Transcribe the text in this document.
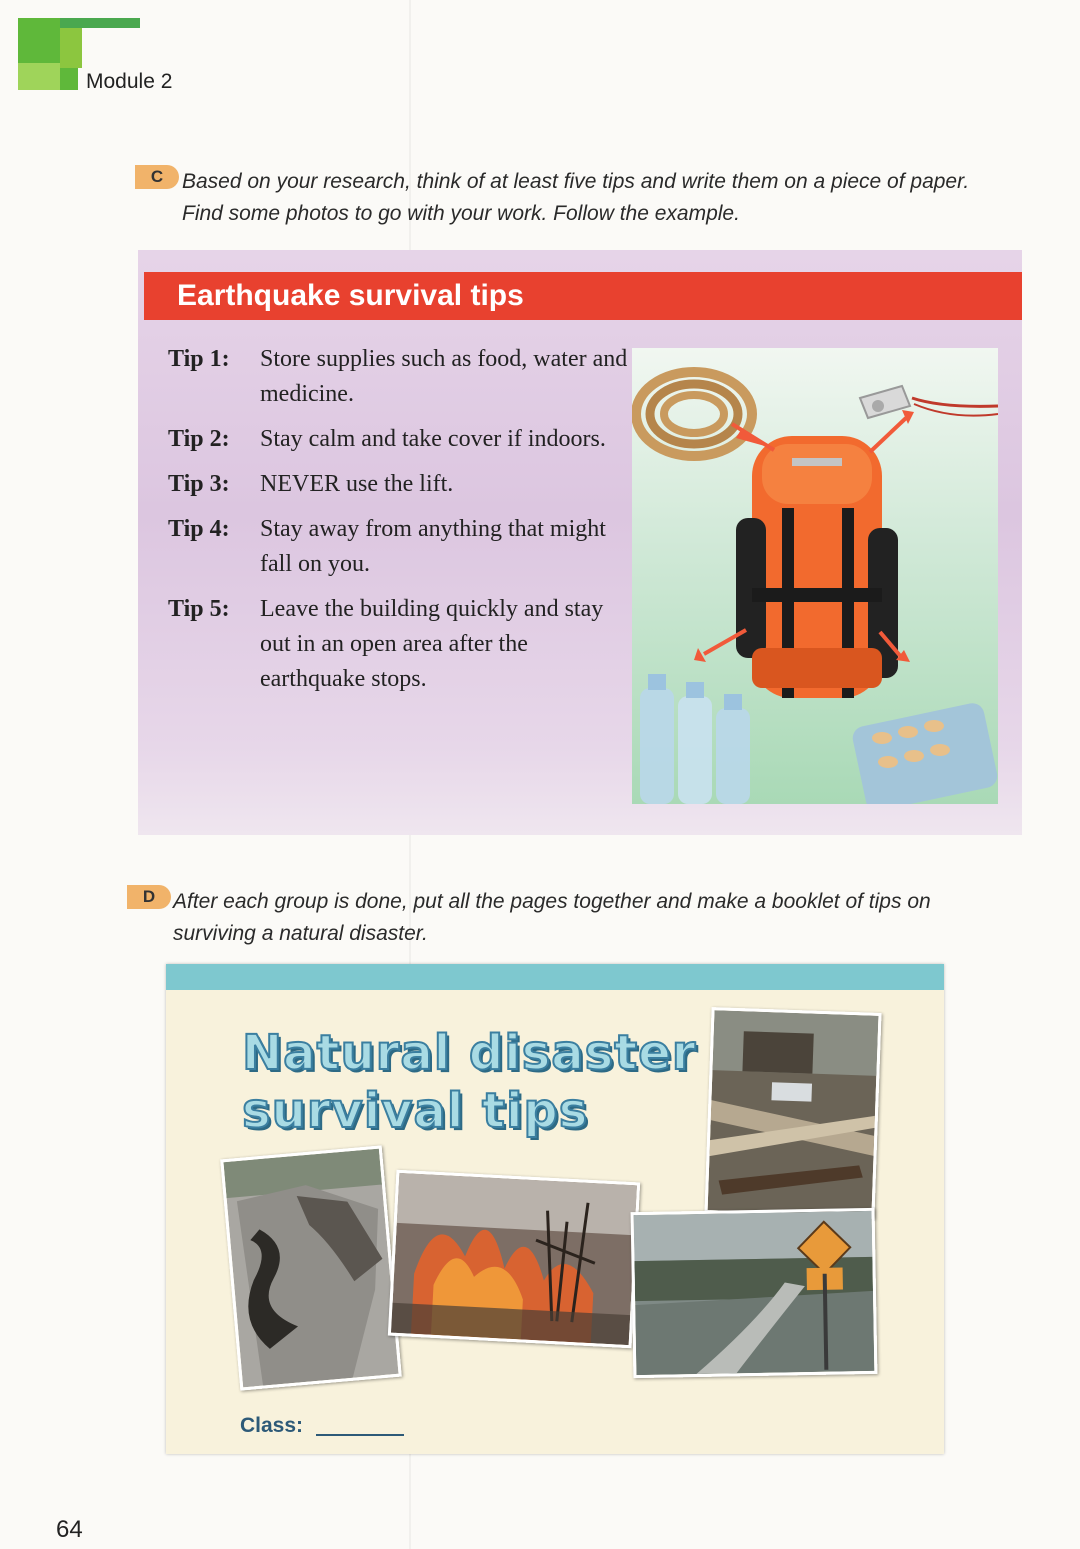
Module 2
C Based on your research, think of at least five tips and write them on a piece of paper. Find some photos to go with your work. Follow the example.
Earthquake survival tips
Tip 1:	Store supplies such as food, water and medicine.
Tip 2:	Stay calm and take cover if indoors.
Tip 3:	NEVER use the lift.
Tip 4:	Stay away from anything that might fall on you.
Tip 5:	Leave the building quickly and stay out in an open area after the earthquake stops.
D After each group is done, put all the pages together and make a booklet of tips on surviving a natural disaster.
Natural disaster
survival tips
Class:
64
